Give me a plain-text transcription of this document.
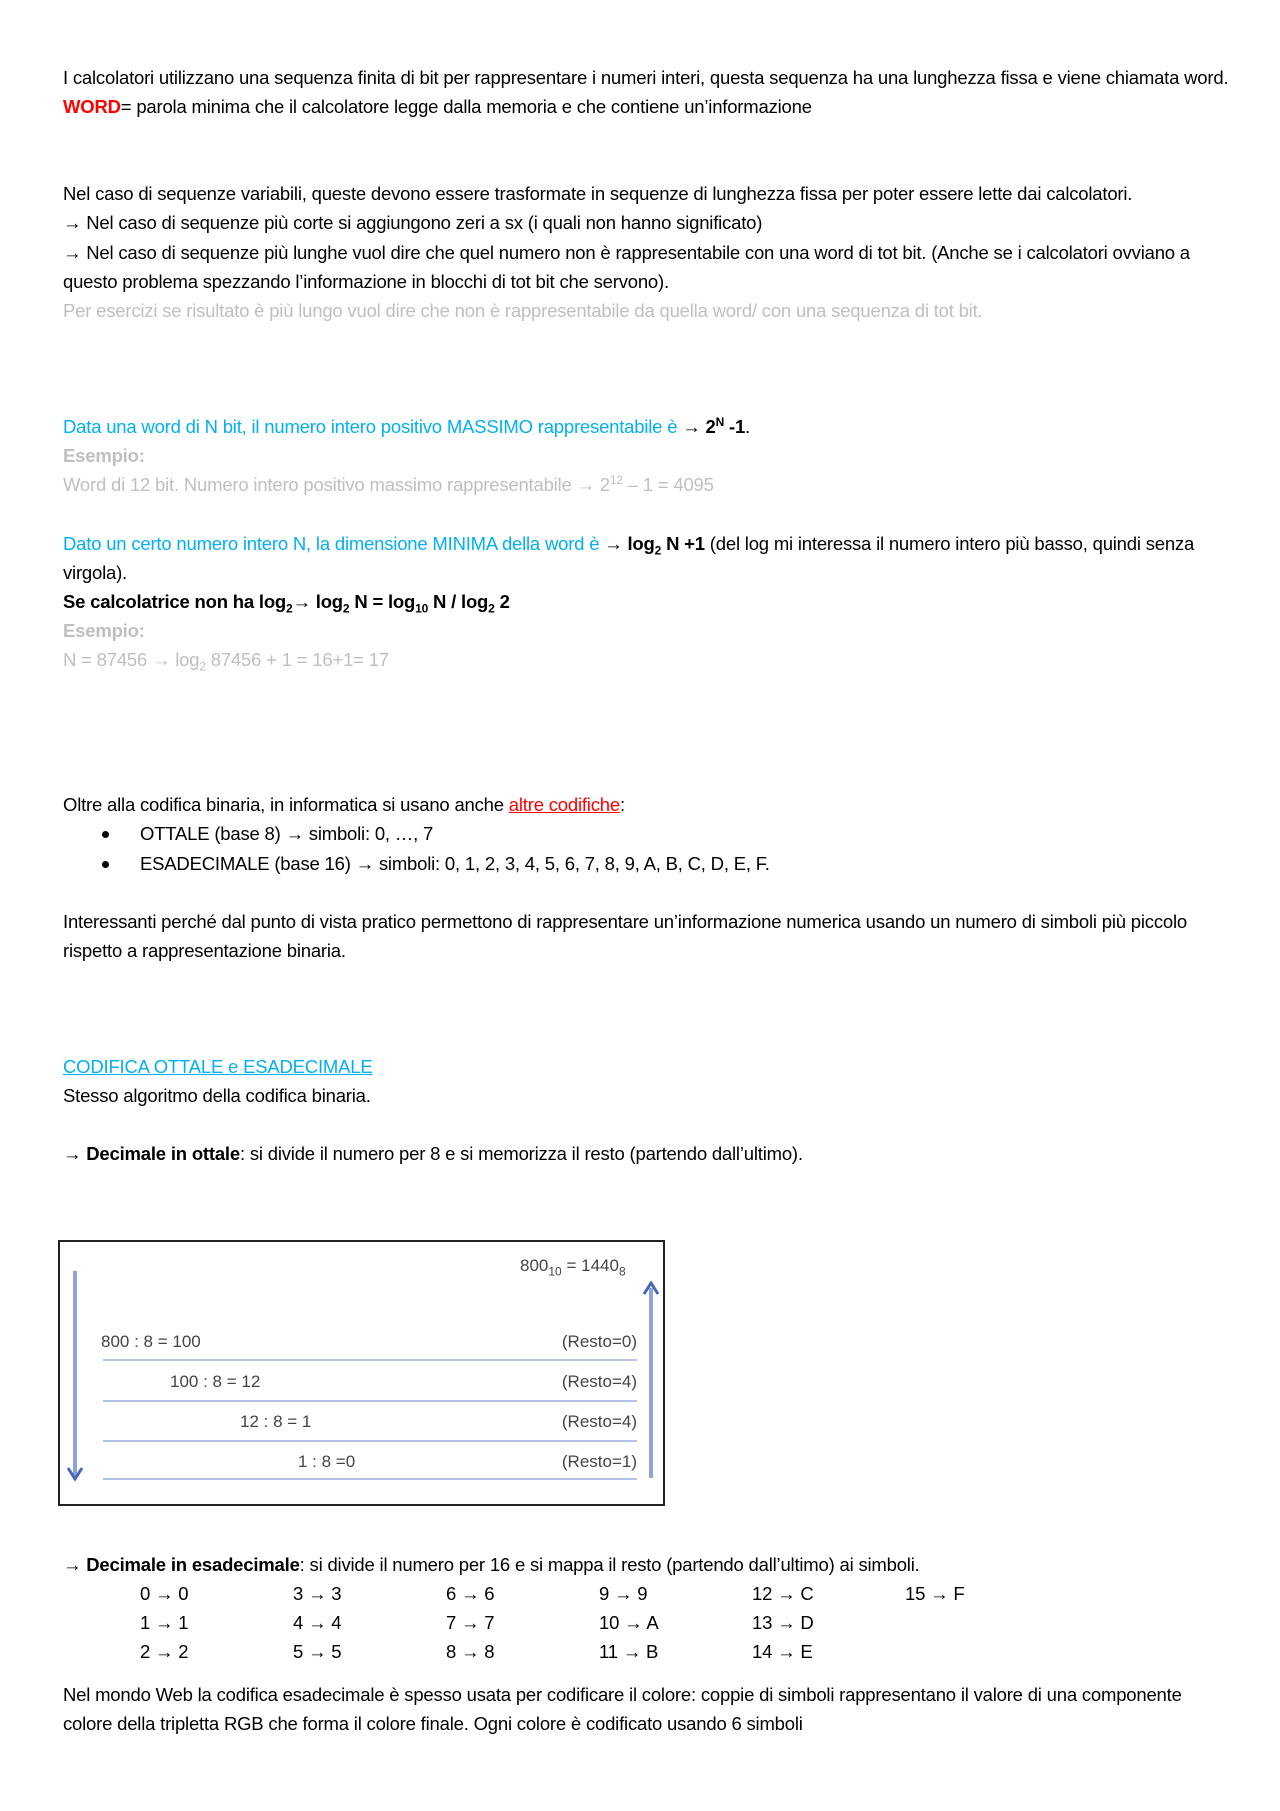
I calcolatori utilizzano una sequenza finita di bit per rappresentare i numeri interi, questa sequenza ha una lunghezza fissa e viene chiamata word.
WORD= parola minima che il calcolatore legge dalla memoria e che contiene un’informazione
Nel caso di sequenze variabili, queste devono essere trasformate in sequenze di lunghezza fissa per poter essere lette dai calcolatori.
→ Nel caso di sequenze più corte si aggiungono zeri a sx (i quali non hanno significato)
→ Nel caso di sequenze più lunghe vuol dire che quel numero non è rappresentabile con una word di tot bit. (Anche se i calcolatori ovviano a questo problema spezzando l’informazione in blocchi di tot bit che servono).
Per esercizi se risultato è più lungo vuol dire che non è rappresentabile da quella word/ con una sequenza di tot bit.
Data una word di N bit, il numero intero positivo MASSIMO rappresentabile è → $2^N$ -1.
Esempio:
Word di 12 bit. Numero intero positivo massimo rappresentabile → $2^{12} - 1 = 4095$
Dato un certo numero intero N, la dimensione MINIMA della word è → $\log_2 N +1$ (del log mi interessa il numero intero più basso, quindi senza virgola).
Se calcolatrice non ha $\log_2\to \log_2 N = \log_{10} N / \log_2 2$
Esempio:
$N = 87456 \to \log_2 87456 + 1 = 16+1= 17$
Oltre alla codifica binaria, in informatica si usano anche altre codifiche:
OTTALE (base 8) → simboli: 0, …, 7
ESADECIMALE (base 16) → simboli: 0, 1, 2, 3, 4, 5, 6, 7, 8, 9, A, B, C, D, E, F.
Interessanti perché dal punto di vista pratico permettono di rappresentare un’informazione numerica usando un numero di simboli più piccolo rispetto a rappresentazione binaria.
CODIFICA OTTALE e ESADECIMALE
Stesso algoritmo della codifica binaria.
→ Decimale in ottale: si divide il numero per 8 e si memorizza il resto (partendo dall’ultimo).
$800_{10} = 1440_8$
800 : 8 = 100	(Resto=0)
100 : 8 = 12	(Resto=4)
12 : 8 = 1	(Resto=4)
1 : 8 =0	(Resto=1)
→ Decimale in esadecimale: si divide il numero per 16 e si mappa il resto (partendo dall’ultimo) ai simboli.
0 → 0	3 → 3	6 → 6	9 → 9	12 → C	15 → F
1 → 1	4 → 4	7 → 7	10 → A	13 → D
2 → 2	5 → 5	8 → 8	11 → B	14 → E
Nel mondo Web la codifica esadecimale è spesso usata per codificare il colore: coppie di simboli rappresentano il valore di una componente colore della tripletta RGB che forma il colore finale. Ogni colore è codificato usando 6 simboli
